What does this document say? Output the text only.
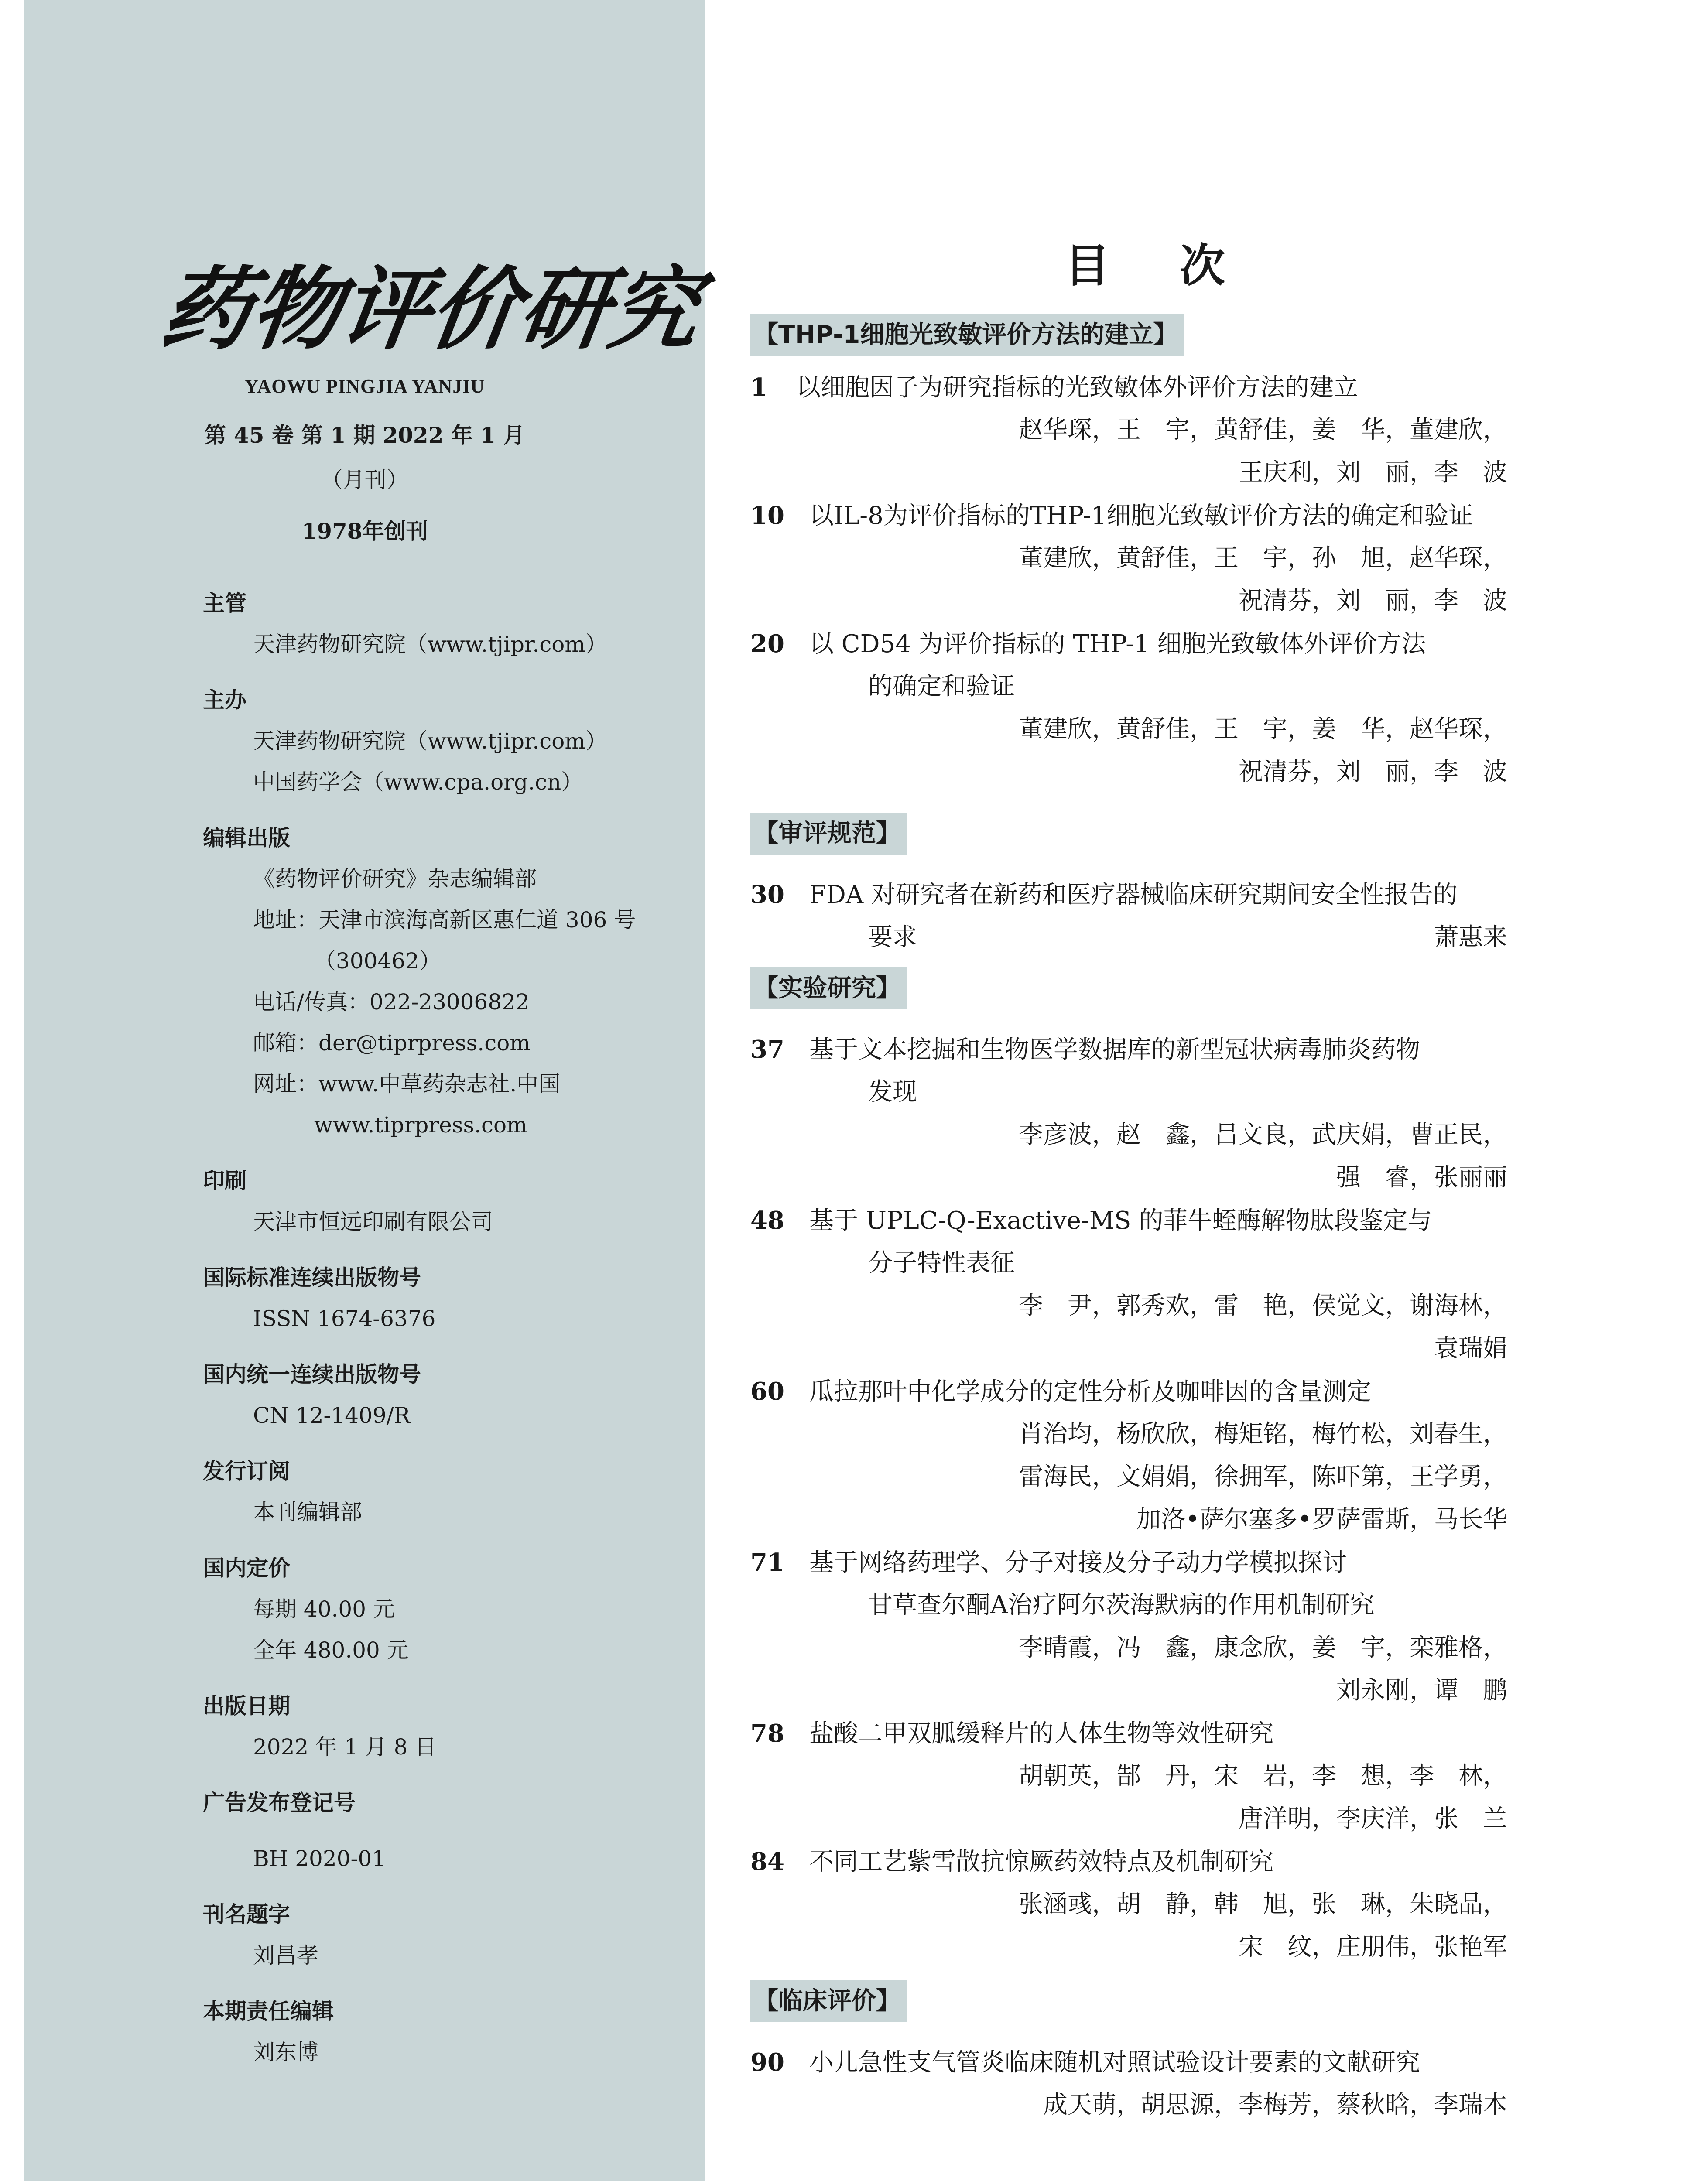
药物评价研究
YAOWU PINGJIA YANJIU
第 45 卷 第 1 期 2022 年 1 月
（月刊）
1978年创刊
主管
天津药物研究院（www.tjipr.com）
主办
天津药物研究院（www.tjipr.com）
中国药学会（www.cpa.org.cn）
编辑出版
《药物评价研究》杂志编辑部
地址：天津市滨海高新区惠仁道 306 号
（300462）
电话/传真：022-23006822
邮箱：der@tiprpress.com
网址：www.中草药杂志社.中国
www.tiprpress.com
印刷
天津市恒远印刷有限公司
国际标准连续出版物号
ISSN 1674-6376
国内统一连续出版物号
CN 12-1409/R
发行订阅
本刊编辑部
国内定价
每期 40.00 元
全年 480.00 元
出版日期
2022 年 1 月 8 日
广告发布登记号
BH 2020-01
刊名题字
刘昌孝
本期责任编辑
刘东博
目次
【THP-1细胞光致敏评价方法的建立】
1 以细胞因子为研究指标的光致敏体外评价方法的建立
赵华琛，王　宇，黄舒佳，姜　华，董建欣，
王庆利，刘　丽，李　波
10 以IL-8为评价指标的THP-1细胞光致敏评价方法的确定和验证
董建欣，黄舒佳，王　宇，孙　旭，赵华琛，
祝清芬，刘　丽，李　波
20 以 CD54 为评价指标的 THP-1 细胞光致敏体外评价方法
的确定和验证
董建欣，黄舒佳，王　宇，姜　华，赵华琛，
祝清芬，刘　丽，李　波
【审评规范】
30 FDA 对研究者在新药和医疗器械临床研究期间安全性报告的
要求	萧惠来
【实验研究】
37 基于文本挖掘和生物医学数据库的新型冠状病毒肺炎药物
发现
李彦波，赵　鑫，吕文良，武庆娟，曹正民，
强　睿，张丽丽
48 基于 UPLC-Q-Exactive-MS 的菲牛蛭酶解物肽段鉴定与
分子特性表征
李　尹，郭秀欢，雷　艳，侯觉文，谢海林，
袁瑞娟
60 瓜拉那叶中化学成分的定性分析及咖啡因的含量测定
肖治均，杨欣欣，梅矩铭，梅竹松，刘春生，
雷海民，文娟娟，徐拥军，陈吓第，王学勇，
加洛•萨尔塞多•罗萨雷斯，马长华
71 基于网络药理学、分子对接及分子动力学模拟探讨
甘草查尔酮A治疗阿尔茨海默病的作用机制研究
李晴霞，冯　鑫，康念欣，姜　宇，栾雅格，
刘永刚，谭　鹏
78 盐酸二甲双胍缓释片的人体生物等效性研究
胡朝英，郜　丹，宋　岩，李　想，李　林，
唐洋明，李庆洋，张　兰
84 不同工艺紫雪散抗惊厥药效特点及机制研究
张涵彧，胡　静，韩　旭，张　琳，朱晓晶，
宋　纹，庄朋伟，张艳军
【临床评价】
90 小儿急性支气管炎临床随机对照试验设计要素的文献研究
成天萌，胡思源，李梅芳，蔡秋晗，李瑞本
